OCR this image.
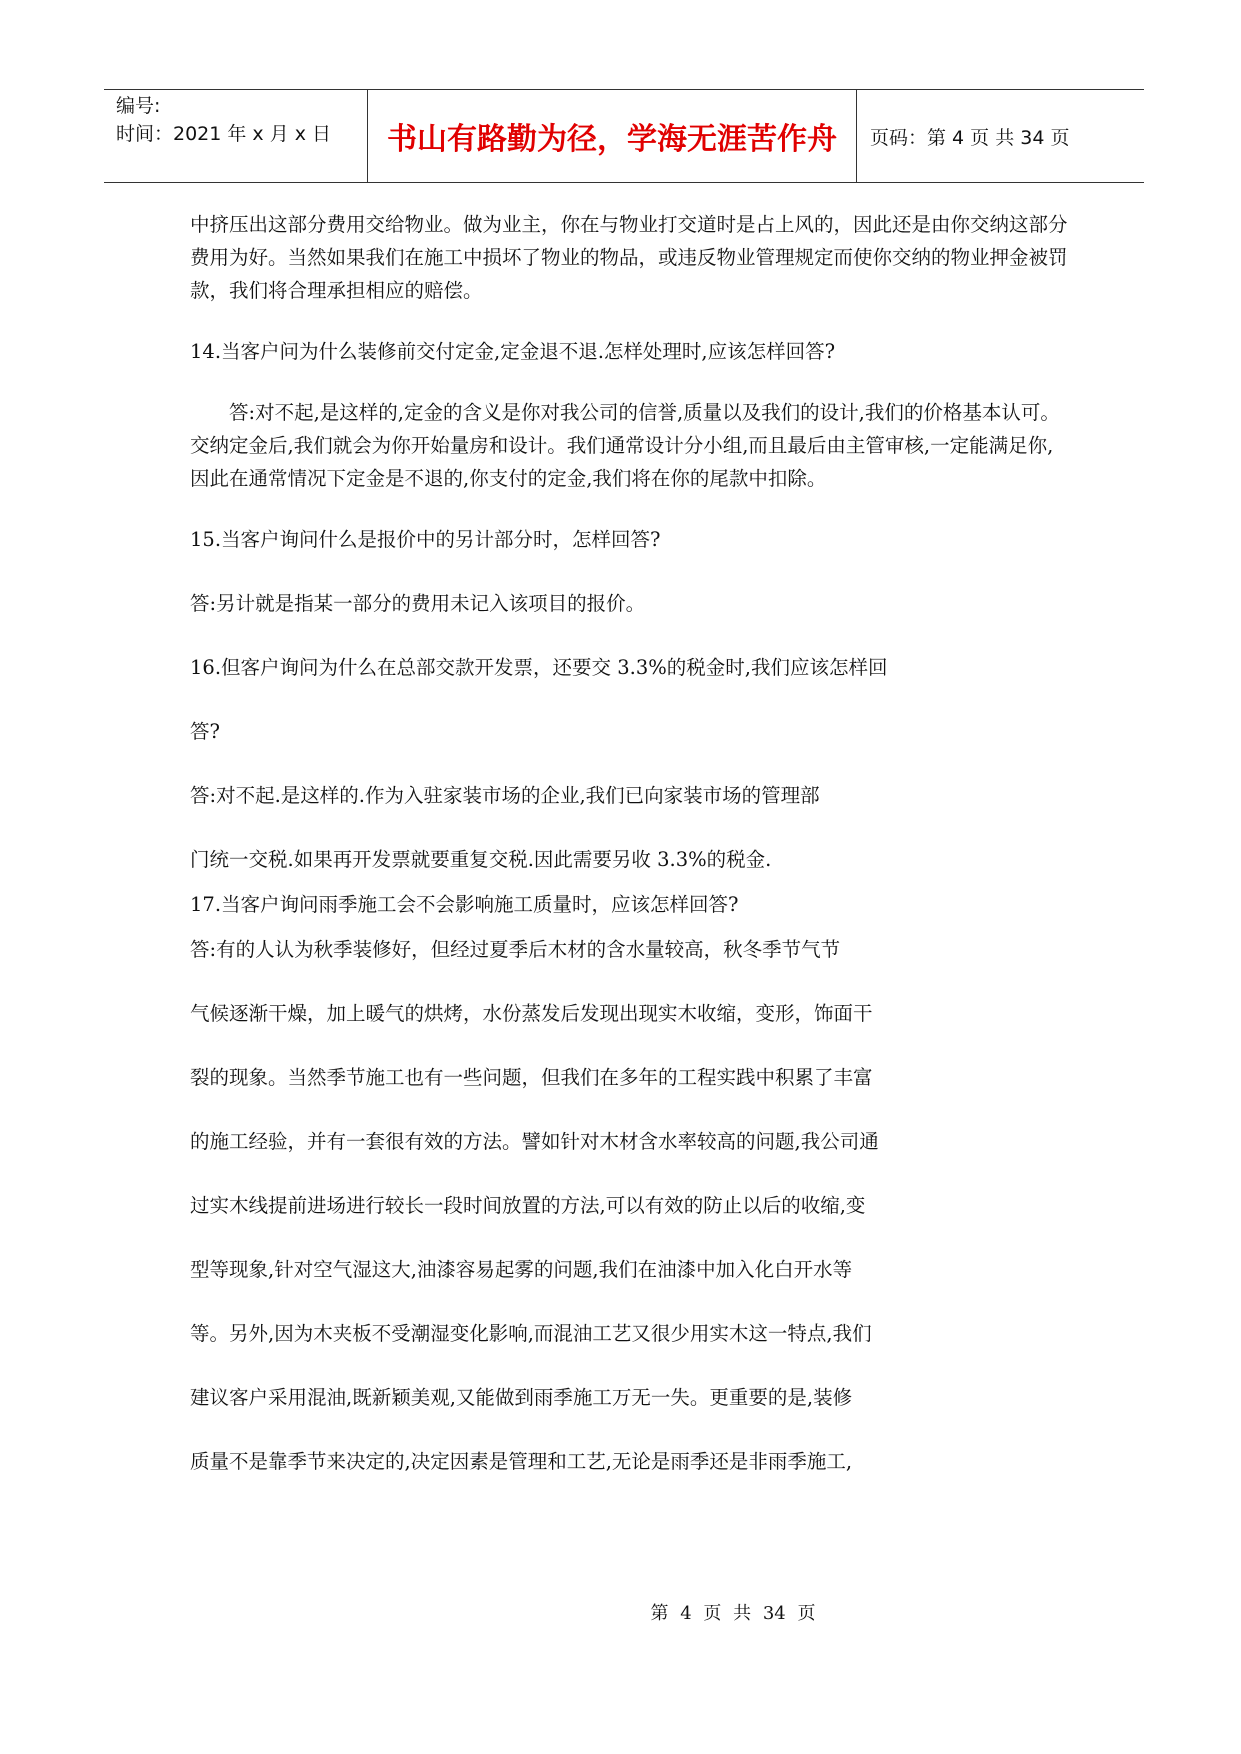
编号:
时间：2021 年 x 月 x 日	书山有路勤为径，学海无涯苦作舟	页码：第 4 页 共 34 页

中挤压出这部分费用交给物业。做为业主，你在与物业打交道时是占上风的，因此还是由你交纳这部分费用为好。当然如果我们在施工中损坏了物业的物品，或违反物业管理规定而使你交纳的物业押金被罚款，我们将合理承担相应的赔偿。

14.当客户问为什么装修前交付定金,定金退不退.怎样处理时,应该怎样回答?

答:对不起,是这样的,定金的含义是你对我公司的信誉,质量以及我们的设计,我们的价格基本认可。交纳定金后,我们就会为你开始量房和设计。我们通常设计分小组,而且最后由主管审核,一定能满足你,因此在通常情况下定金是不退的,你支付的定金,我们将在你的尾款中扣除。

15.当客户询问什么是报价中的另计部分时，怎样回答?

答:另计就是指某一部分的费用未记入该项目的报价。

16.但客户询问为什么在总部交款开发票，还要交 3.3%的税金时,我们应该怎样回

答?

答:对不起.是这样的.作为入驻家装市场的企业,我们已向家装市场的管理部

门统一交税.如果再开发票就要重复交税.因此需要另收 3.3%的税金.

17.当客户询问雨季施工会不会影响施工质量时，应该怎样回答?

答:有的人认为秋季装修好，但经过夏季后木材的含水量较高，秋冬季节气节

气候逐渐干燥，加上暖气的烘烤，水份蒸发后发现出现实木收缩，变形，饰面干

裂的现象。当然季节施工也有一些问题，但我们在多年的工程实践中积累了丰富

的施工经验，并有一套很有效的方法。譬如针对木材含水率较高的问题,我公司通

过实木线提前进场进行较长一段时间放置的方法,可以有效的防止以后的收缩,变

型等现象,针对空气湿这大,油漆容易起雾的问题,我们在油漆中加入化白开水等

等。另外,因为木夹板不受潮湿变化影响,而混油工艺又很少用实木这一特点,我们

建议客户采用混油,既新颖美观,又能做到雨季施工万无一失。更重要的是,装修

质量不是靠季节来决定的,决定因素是管理和工艺,无论是雨季还是非雨季施工,

第 4 页 共 34 页
